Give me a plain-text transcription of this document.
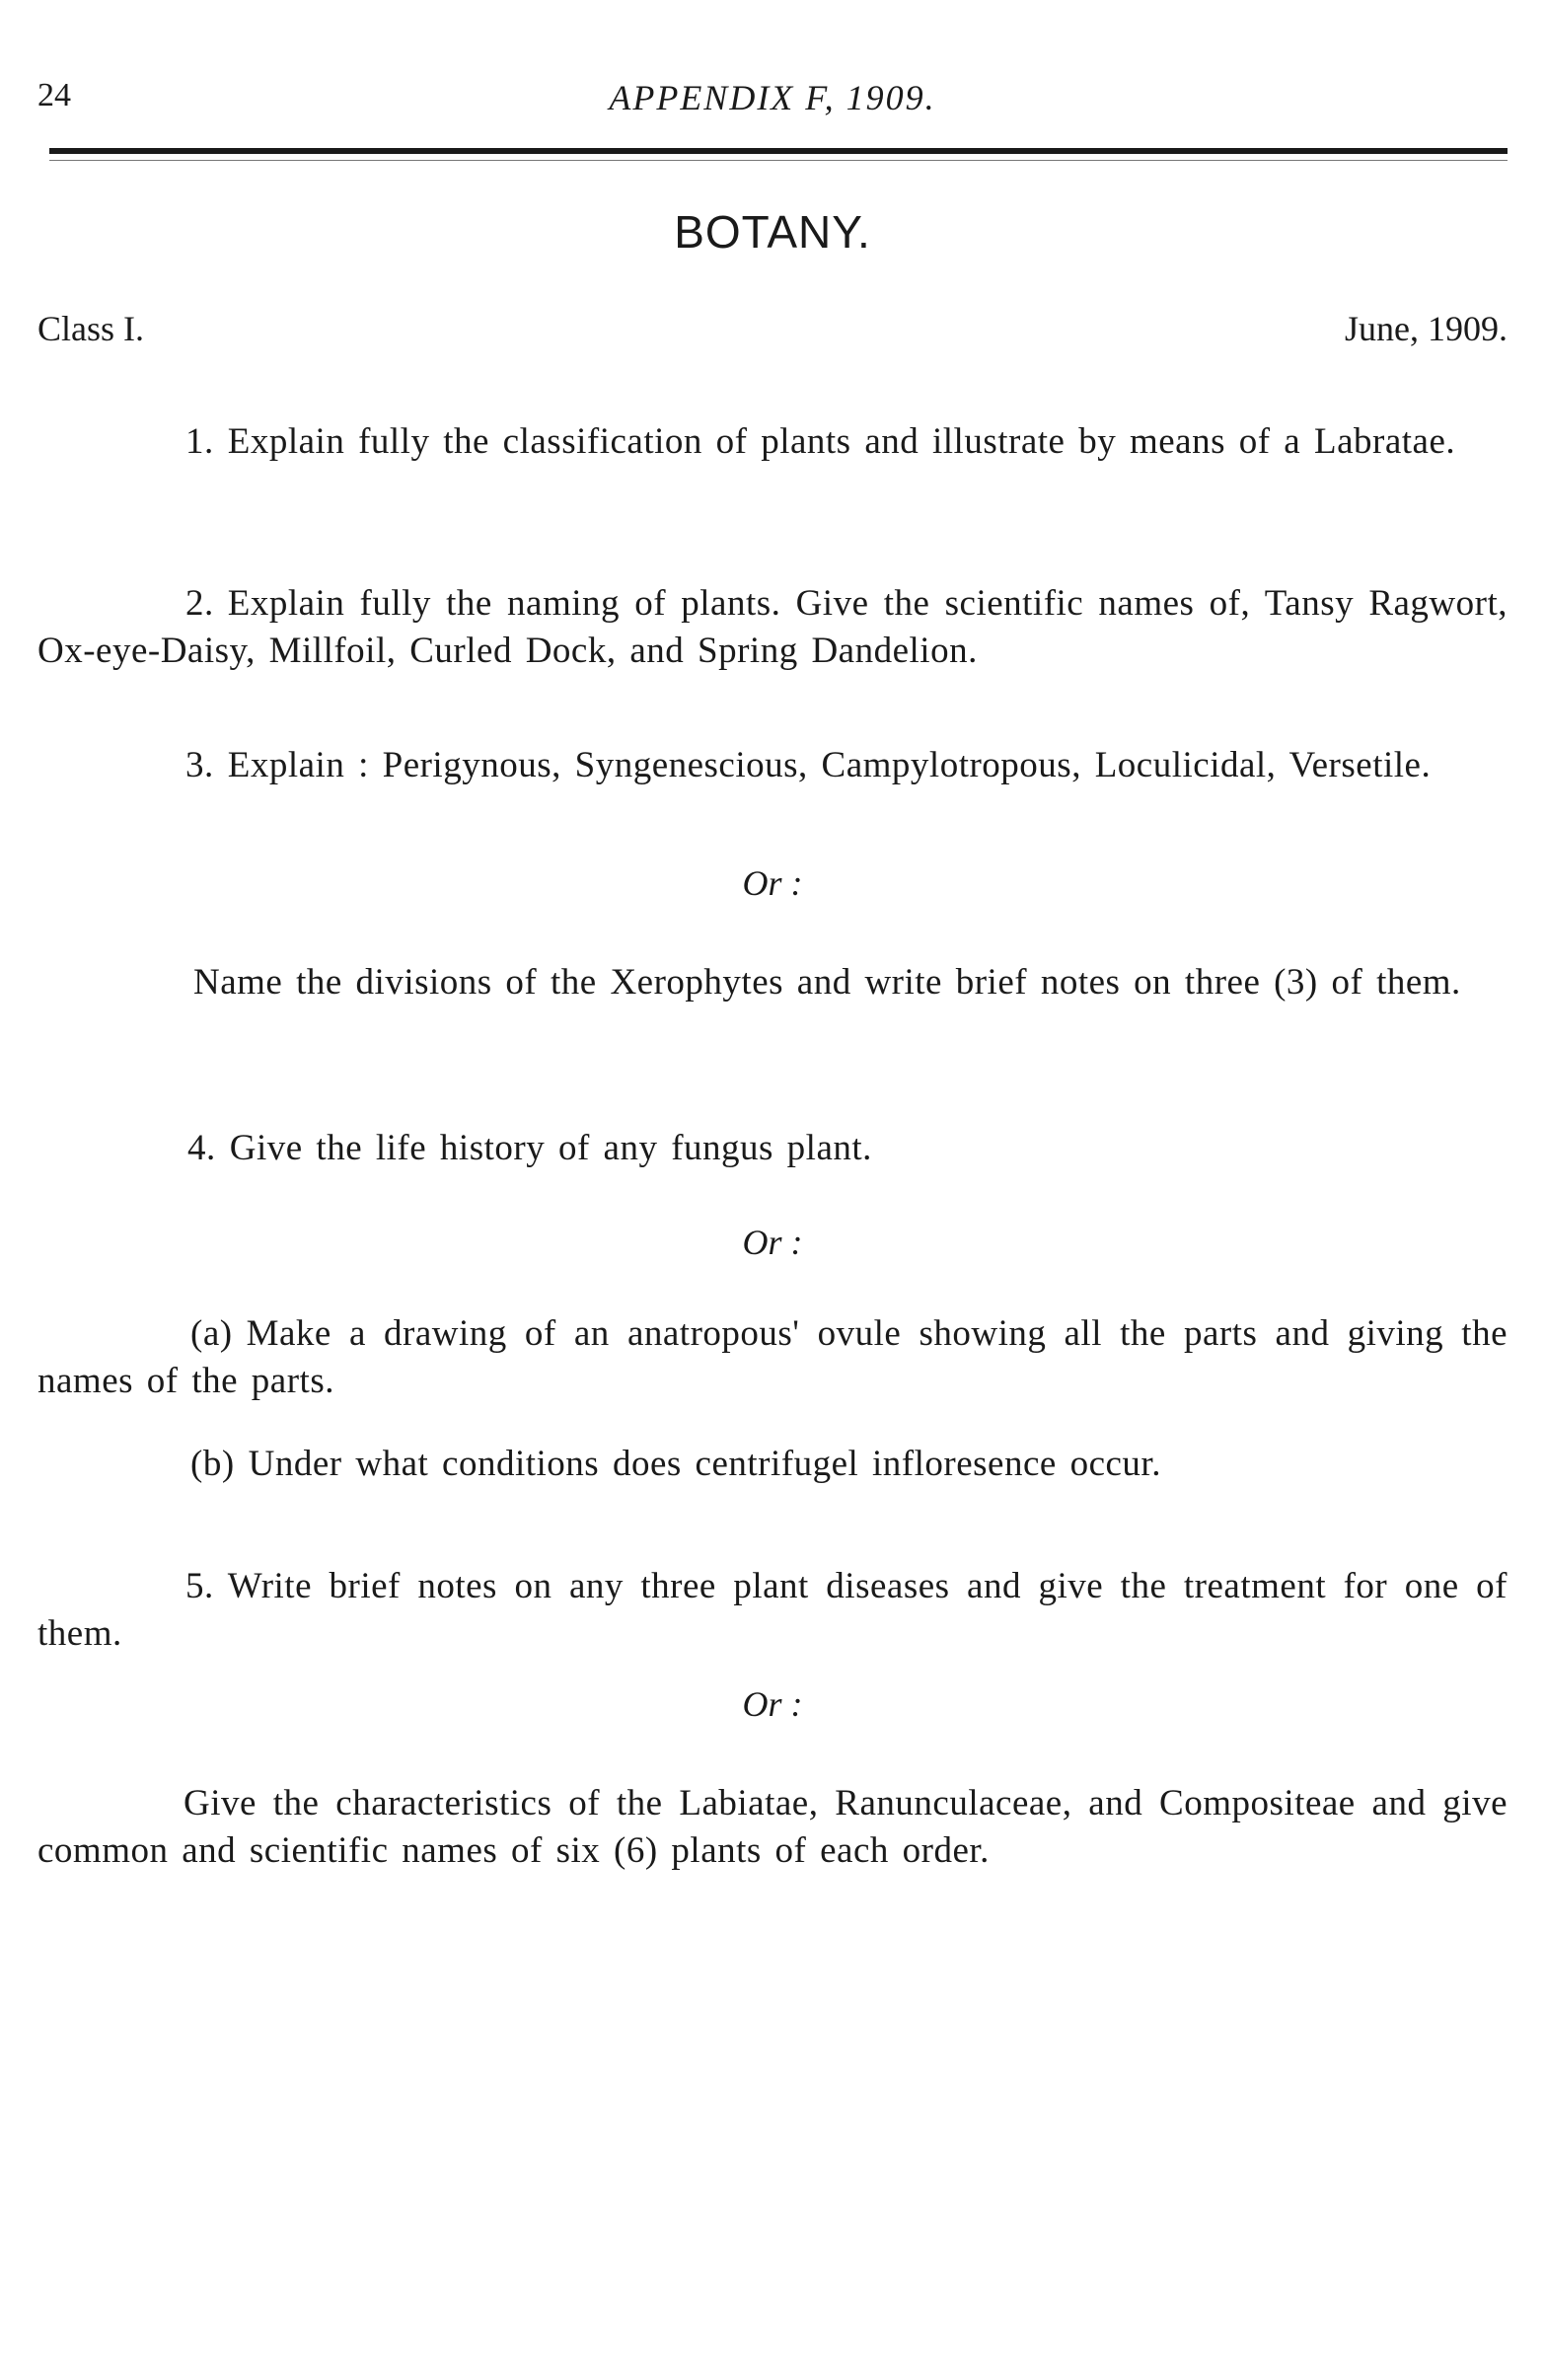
24	APPENDIX F, 1909.
BOTANY.
Class I.	June, 1909.
1. Explain fully the classification of plants and illustrate by means of a Labratae.
2. Explain fully the naming of plants. Give the scientific names of, Tansy Ragwort, Ox-eye-Daisy, Millfoil, Curled Dock, and Spring Dandelion.
3. Explain : Perigynous, Syngenescious, Campylotropous, Loculicidal, Versetile.
Or :
Name the divisions of the Xerophytes and write brief notes on three (3) of them.
4. Give the life history of any fungus plant.
Or :
(a) Make a drawing of an anatropous' ovule showing all the parts and giving the names of the parts.
(b) Under what conditions does centrifugel infloresence occur.
5. Write brief notes on any three plant diseases and give the treatment for one of them.
Or :
Give the characteristics of the Labiatae, Ranunculaceae, and Compositeae and give common and scientific names of six (6) plants of each order.
